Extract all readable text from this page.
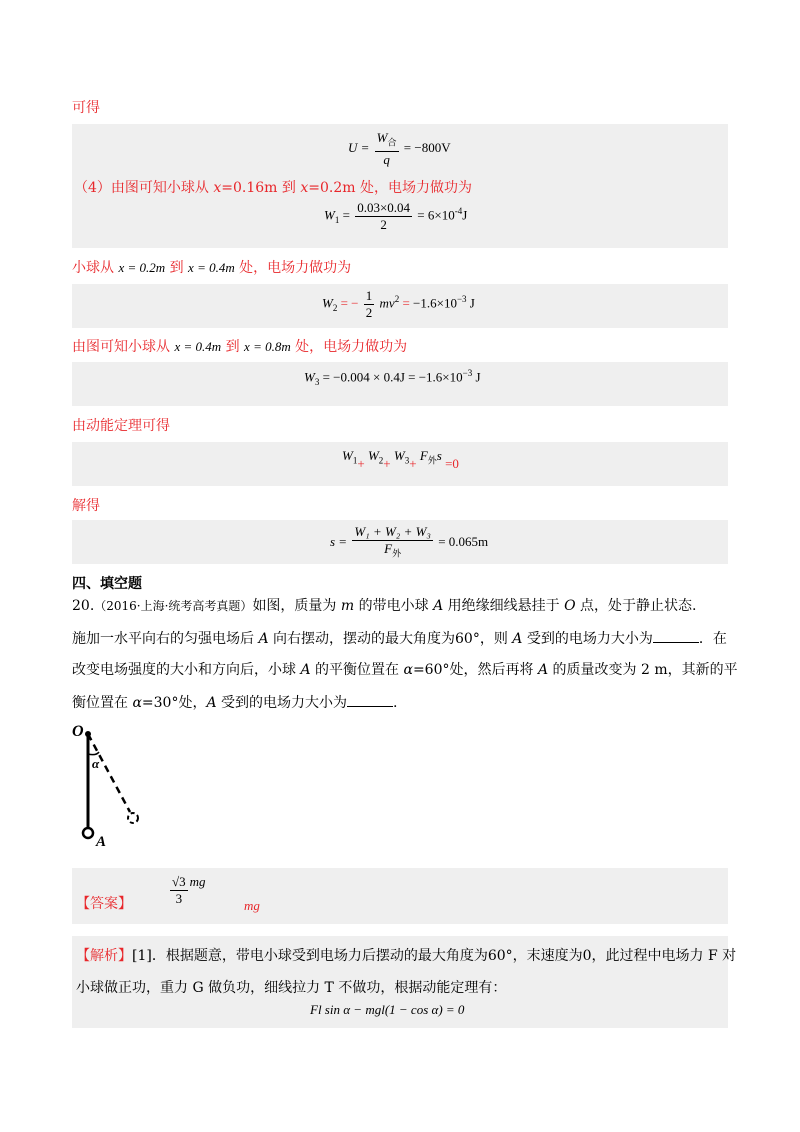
可得
$U = \frac{W_合}{q} = -800V$
（4）由图可知小球从 x=0.16m 到 x=0.2m 处，电场力做功为
$W_1 = \frac{0.03\times 0.04}{2} = 6\times 10^{-4}J$
小球从 x = 0.2m 到 x = 0.4m 处，电场力做功为
$W_2$ = − $\frac{1}{2} mv^2 = -1.6\times 10^{-3}$ J
由图可知小球从 x = 0.4m 到 x = 0.8m 处，电场力做功为
$W_3 = -0.004 \times 0.4J = -1.6\times 10^{-3}$ J
由动能定理可得
$W_1+ W_2+ W_3+ F_外s =0$
解得
$s = \frac{\text{W₁ + W₂ + W₃}}{F_外} = 0.065m$
四、填空题
20.（2016·上海·统考高考真题）如图，质量为 m 的带电小球 A 用绝缘细线悬挂于 O 点，处于静止状态.
施加一水平向右的匀强电场后 A 向右摆动，摆动的最大角度为60°，则 A 受到的电场力大小为	．在
改变电场强度的大小和方向后，小球 A 的平衡位置在 α=60°处，然后再将 A 的质量改变为 2 m，其新的平
衡位置在 α=30°处，A 受到的电场力大小为	.
O
α
A
【答案】	$\frac{√3}{3}$ mg
mg
【解析】[1]．根据题意，带电小球受到电场力后摆动的最大角度为60°，末速度为0，此过程中电场力 F 对
小球做正功，重力 G 做负功，细线拉力 T 不做功，根据动能定理有：
Fl sin α − mgl(1 − cos α) = 0
